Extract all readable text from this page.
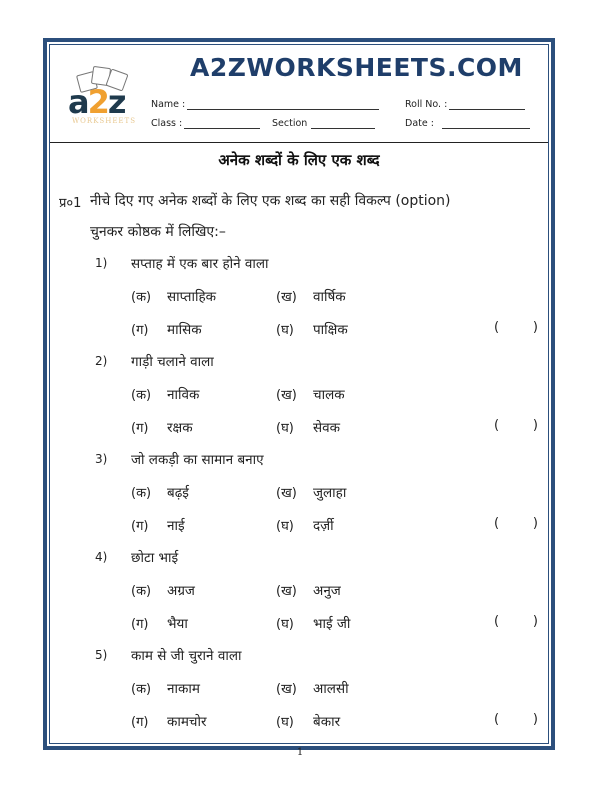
a2z
WORKSHEETS
A2ZWORKSHEETS.COM
Name :	Roll No. :
Class :	Section	Date :
अनेक शब्दों के लिए एक शब्द
प्र०1 नीचे दिए गए अनेक शब्दों के लिए एक शब्द का सही विकल्प (option)
चुनकर कोष्ठक में लिखिए:–
1) सप्ताह में एक बार होने वाला
(क) साप्ताहिक	(ख) वार्षिक
(ग) मासिक	(घ) पाक्षिक	(	)
2) गाड़ी चलाने वाला
(क) नाविक	(ख) चालक
(ग) रक्षक	(घ) सेवक	(	)
3) जो लकड़ी का सामान बनाए
(क) बढ़ई	(ख) जुलाहा
(ग) नाई	(घ) दर्ज़ी	(	)
4) छोटा भाई
(क) अग्रज	(ख) अनुज
(ग) भैया	(घ) भाई जी	(	)
5) काम से जी चुराने वाला
(क) नाकाम	(ख) आलसी
(ग) कामचोर	(घ) बेकार	(	)
1
